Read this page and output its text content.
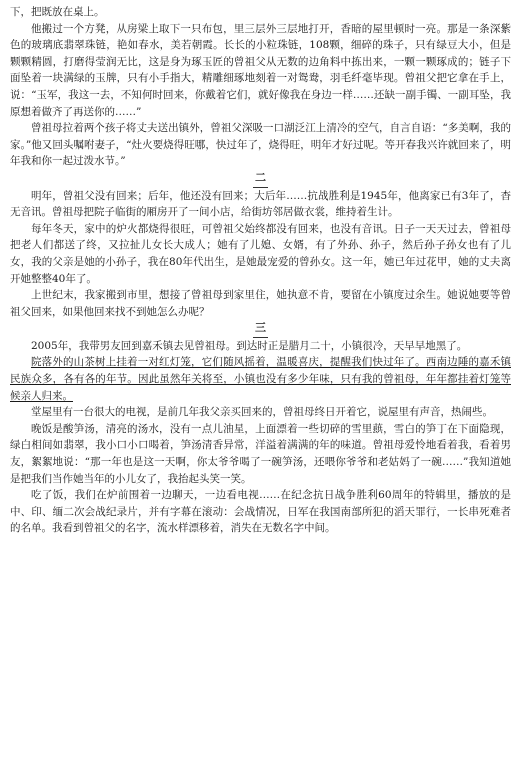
下，把既放在桌上。

他搬过一个方凳，从房梁上取下一只布包，里三层外三层地打开，香暗的屋里顿时一亮。那是一条深紫色的玻璃底翡翠珠链，艳如春水，美若朝霞。长长的小粒珠链，108颗，细碎的珠子，只有绿豆大小，但是颗颗精圆，打磨得莹润无比，这是身为琢玉匠的曾祖父从无数的边角料中拣出来，一颗一颗琢成的；链子下面坠着一块满绿的玉牌，只有小手指大，精雕细琢地刻着一对鸳鸯，羽毛纤毫毕现。曾祖父把它拿在手上，说：“玉军，我这一去，不知何时回来，你戴着它们，就好像我在身边一样……还缺一副手镯、一副耳坠，我原想着做齐了再送你的……”

曾祖母拉着两个孩子将丈夫送出镇外，曾祖父深吸一口湖泛江上清冷的空气，自言自语：“多美啊，我的家。”他又回头嘱咐妻子，“灶火要烧得旺哪，快过年了，烧得旺，明年才好过呢。等开春我兴许就回来了，明年我和你一起过泼水节。”

二

明年，曾祖父没有回来；后年，他还没有回来；大后年……抗战胜利是1945年，他离家已有3年了，杳无音讯。曾祖母把院子临街的厢房开了一间小店，给街坊邻居做衣裳，维持着生计。

每年冬天，家中的炉火都烧得很旺，可曾祖父始终都没有回来，也没有音讯。日子一天天过去，曾祖母把老人们都送了终，又拉扯儿女长大成人；她有了儿媳、女婿，有了外孙、孙子，然后孙子孙女也有了儿女，我的父亲是她的小孙子，我在80年代出生，是她最宠爱的曾孙女。这一年，她已年过花甲，她的丈夫离开她整整40年了。

上世纪末，我家搬到市里，想接了曾祖母到家里住，她执意不肯，要留在小镇度过余生。她说她要等曾祖父回来，如果他回来找不到她怎么办呢？

三

2005年，我带男友回到嘉禾镇去见曾祖母。到达时正是腊月二十，小镇很冷，天早早地黑了。

院落外的山茶树上挂着一对红灯笼，它们随风摇着，温暖喜庆，提醒我们快过年了。西南边陲的嘉禾镇民族众多，各有各的年节。因此虽然年关将至，小镇也没有多少年味，只有我的曾祖母，年年都挂着灯笼等候亲人归来。

堂屋里有一台很大的电视，是前几年我父亲买回来的，曾祖母终日开着它，说屋里有声音，热闹些。

晚饭是酸笋汤，清亮的汤水，没有一点儿油星，上面漂着一些切碎的雪里蕻，雪白的笋丁在下面隐现，绿白相间如翡翠，我小口小口喝着，笋汤清香异常，洋溢着满满的年的味道。曾祖母爱怜地看着我，看着男友，絮絮地说：“那一年也是这一天啊，你太爷爷喝了一碗笋汤，还喂你爷爷和老姑妈了一碗……”我知道她是把我们当作她当年的小儿女了，我抬起头笑一笑。

吃了饭，我们在炉前围着一边聊天，一边看电视……在纪念抗日战争胜利60周年的特辑里，播放的是中、印、缅二次会战纪录片，并有字幕在滚动：会战情况，日军在我国南部所犯的滔天罪行，一长串死难者的名单。我看到曾祖父的名字，流水样漂移着，消失在无数名字中间。
